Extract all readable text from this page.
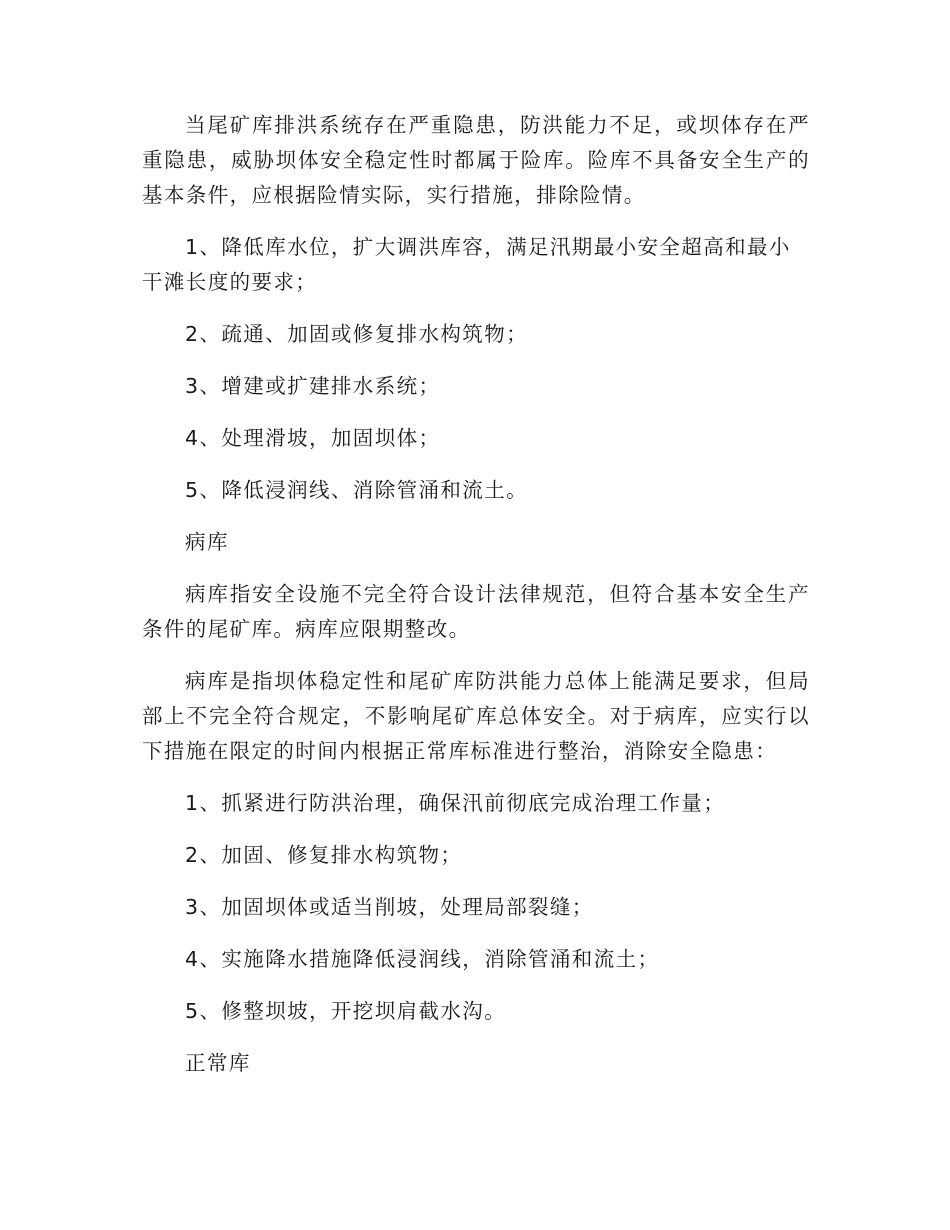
当尾矿库排洪系统存在严重隐患，防洪能力不足，或坝体存在严重隐患，威胁坝体安全稳定性时都属于险库。险库不具备安全生产的基本条件，应根据险情实际，实行措施，排除险情。

1、降低库水位，扩大调洪库容，满足汛期最小安全超高和最小干滩长度的要求；

2、疏通、加固或修复排水构筑物；

3、增建或扩建排水系统；

4、处理滑坡，加固坝体；

5、降低浸润线、消除管涌和流土。

病库

病库指安全设施不完全符合设计法律规范，但符合基本安全生产条件的尾矿库。病库应限期整改。

病库是指坝体稳定性和尾矿库防洪能力总体上能满足要求，但局部上不完全符合规定，不影响尾矿库总体安全。对于病库，应实行以下措施在限定的时间内根据正常库标准进行整治，消除安全隐患：

1、抓紧进行防洪治理，确保汛前彻底完成治理工作量；

2、加固、修复排水构筑物；

3、加固坝体或适当削坡，处理局部裂缝；

4、实施降水措施降低浸润线，消除管涌和流土；

5、修整坝坡，开挖坝肩截水沟。

正常库
